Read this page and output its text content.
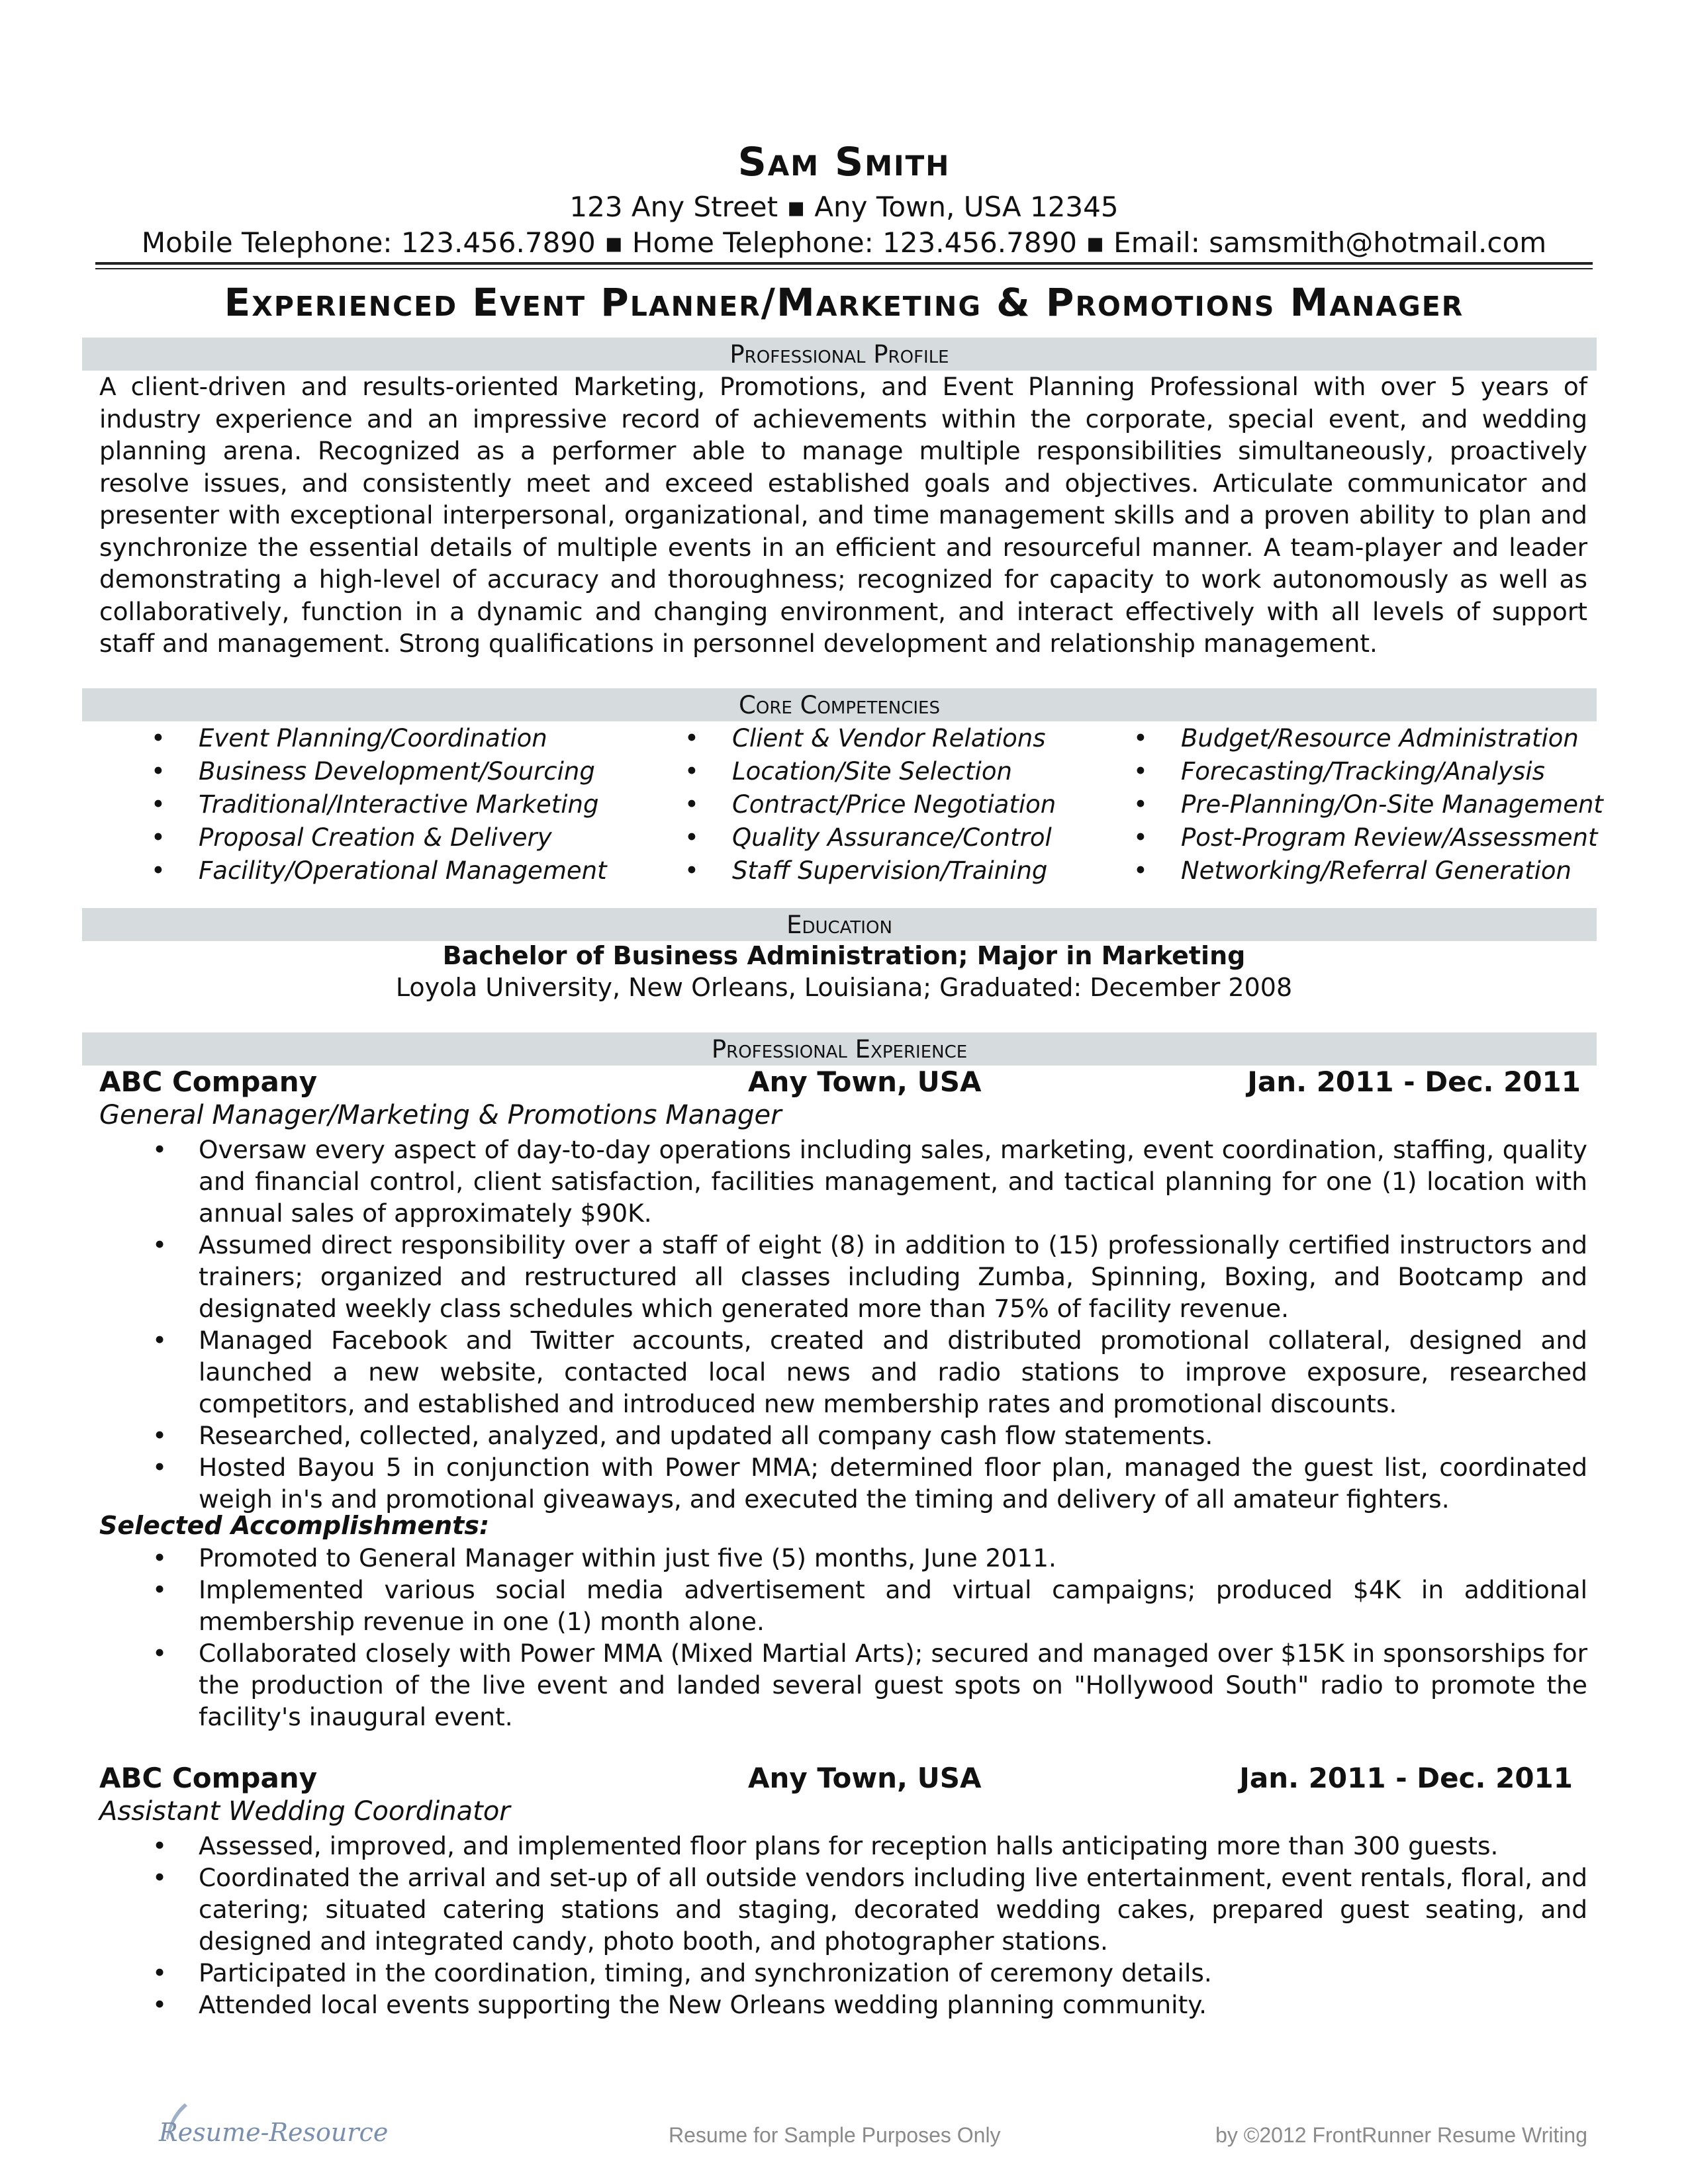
Sam Smith
123 Any Street ▪ Any Town, USA 12345
Mobile Telephone: 123.456.7890 ▪ Home Telephone: 123.456.7890 ▪ Email: samsmith@hotmail.com
Experienced Event Planner/Marketing & Promotions Manager
Professional Profile
A client-driven and results-oriented Marketing, Promotions, and Event Planning Professional with over 5 years of industry experience and an impressive record of achievements within the corporate, special event, and wedding planning arena. Recognized as a performer able to manage multiple responsibilities simultaneously, proactively resolve issues, and consistently meet and exceed established goals and objectives. Articulate communicator and presenter with exceptional interpersonal, organizational, and time management skills and a proven ability to plan and synchronize the essential details of multiple events in an efficient and resourceful manner. A team-player and leader demonstrating a high-level of accuracy and thoroughness; recognized for capacity to work autonomously as well as collaboratively, function in a dynamic and changing environment, and interact effectively with all levels of support staff and management. Strong qualifications in personnel development and relationship management.
Core Competencies
• Event Planning/Coordination
• Business Development/Sourcing
• Traditional/Interactive Marketing
• Proposal Creation & Delivery
• Facility/Operational Management
• Client & Vendor Relations
• Location/Site Selection
• Contract/Price Negotiation
• Quality Assurance/Control
• Staff Supervision/Training
• Budget/Resource Administration
• Forecasting/Tracking/Analysis
• Pre-Planning/On-Site Management
• Post-Program Review/Assessment
• Networking/Referral Generation
Education
Bachelor of Business Administration; Major in Marketing
Loyola University, New Orleans, Louisiana; Graduated: December 2008
Professional Experience
ABC Company	Any Town, USA	Jan. 2011 - Dec. 2011
General Manager/Marketing & Promotions Manager
• Oversaw every aspect of day-to-day operations including sales, marketing, event coordination, staffing, quality and financial control, client satisfaction, facilities management, and tactical planning for one (1) location with annual sales of approximately $90K.
• Assumed direct responsibility over a staff of eight (8) in addition to (15) professionally certified instructors and trainers; organized and restructured all classes including Zumba, Spinning, Boxing, and Bootcamp and designated weekly class schedules which generated more than 75% of facility revenue.
• Managed Facebook and Twitter accounts, created and distributed promotional collateral, designed and launched a new website, contacted local news and radio stations to improve exposure, researched competitors, and established and introduced new membership rates and promotional discounts.
• Researched, collected, analyzed, and updated all company cash flow statements.
• Hosted Bayou 5 in conjunction with Power MMA; determined floor plan, managed the guest list, coordinated weigh in's and promotional giveaways, and executed the timing and delivery of all amateur fighters.
Selected Accomplishments:
• Promoted to General Manager within just five (5) months, June 2011.
• Implemented various social media advertisement and virtual campaigns; produced $4K in additional membership revenue in one (1) month alone.
• Collaborated closely with Power MMA (Mixed Martial Arts); secured and managed over $15K in sponsorships for the production of the live event and landed several guest spots on "Hollywood South" radio to promote the facility's inaugural event.
ABC Company	Any Town, USA	Jan. 2011 - Dec. 2011
Assistant Wedding Coordinator
• Assessed, improved, and implemented floor plans for reception halls anticipating more than 300 guests.
• Coordinated the arrival and set-up of all outside vendors including live entertainment, event rentals, floral, and catering; situated catering stations and staging, decorated wedding cakes, prepared guest seating, and designed and integrated candy, photo booth, and photographer stations.
• Participated in the coordination, timing, and synchronization of ceremony details.
• Attended local events supporting the New Orleans wedding planning community.
Resume-Resource	Resume for Sample Purposes Only	by ©2012 FrontRunner Resume Writing
